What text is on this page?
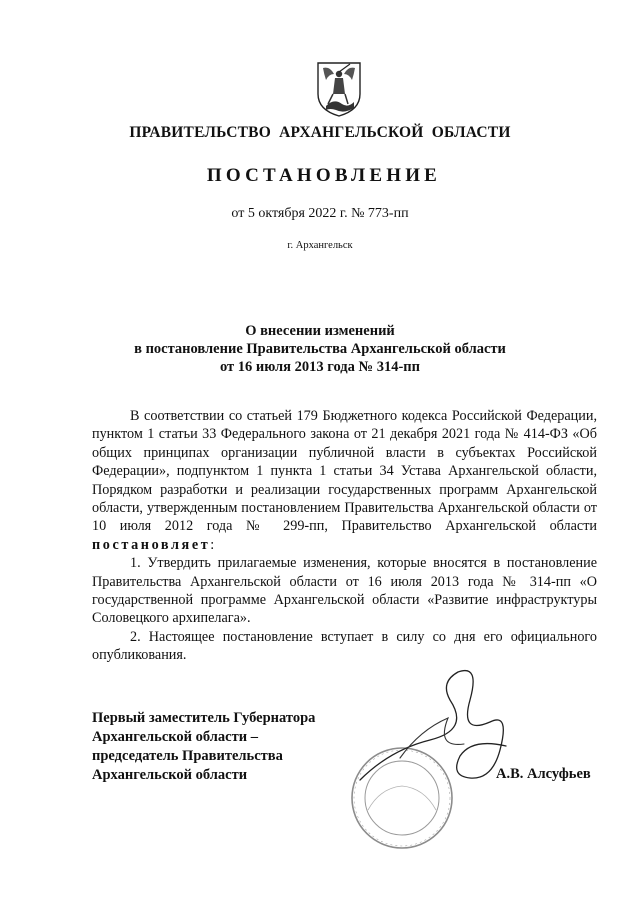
ПРАВИТЕЛЬСТВО  АРХАНГЕЛЬСКОЙ  ОБЛАСТИ
ПОСТАНОВЛЕНИЕ
от 5 октября 2022 г. № 773-пп
г. Архангельск
О внесении изменений
в постановление Правительства Архангельской области
от 16 июля 2013 года № 314-пп

В соответствии со статьей 179 Бюджетного кодекса Российской Федерации, пунктом 1 статьи 33 Федерального закона от 21 декабря 2021 года № 414-ФЗ «Об общих принципах организации публичной власти в субъектах Российской Федерации», подпунктом 1 пункта 1 статьи 34 Устава Архангельской области, Порядком разработки и реализации государственных программ Архангельской области, утвержденным постановлением Правительства Архангельской области от 10 июля 2012 года № 299-пп, Правительство Архангельской области постановляет:

1. Утвердить прилагаемые изменения, которые вносятся в постановление Правительства Архангельской области от 16 июля 2013 года № 314-пп «О государственной программе Архангельской области «Развитие инфраструктуры Соловецкого архипелага».

2. Настоящее постановление вступает в силу со дня его официального опубликования.

Первый заместитель Губернатора
Архангельской области –
председатель Правительства
Архангельской области	А.В. Алсуфьев
